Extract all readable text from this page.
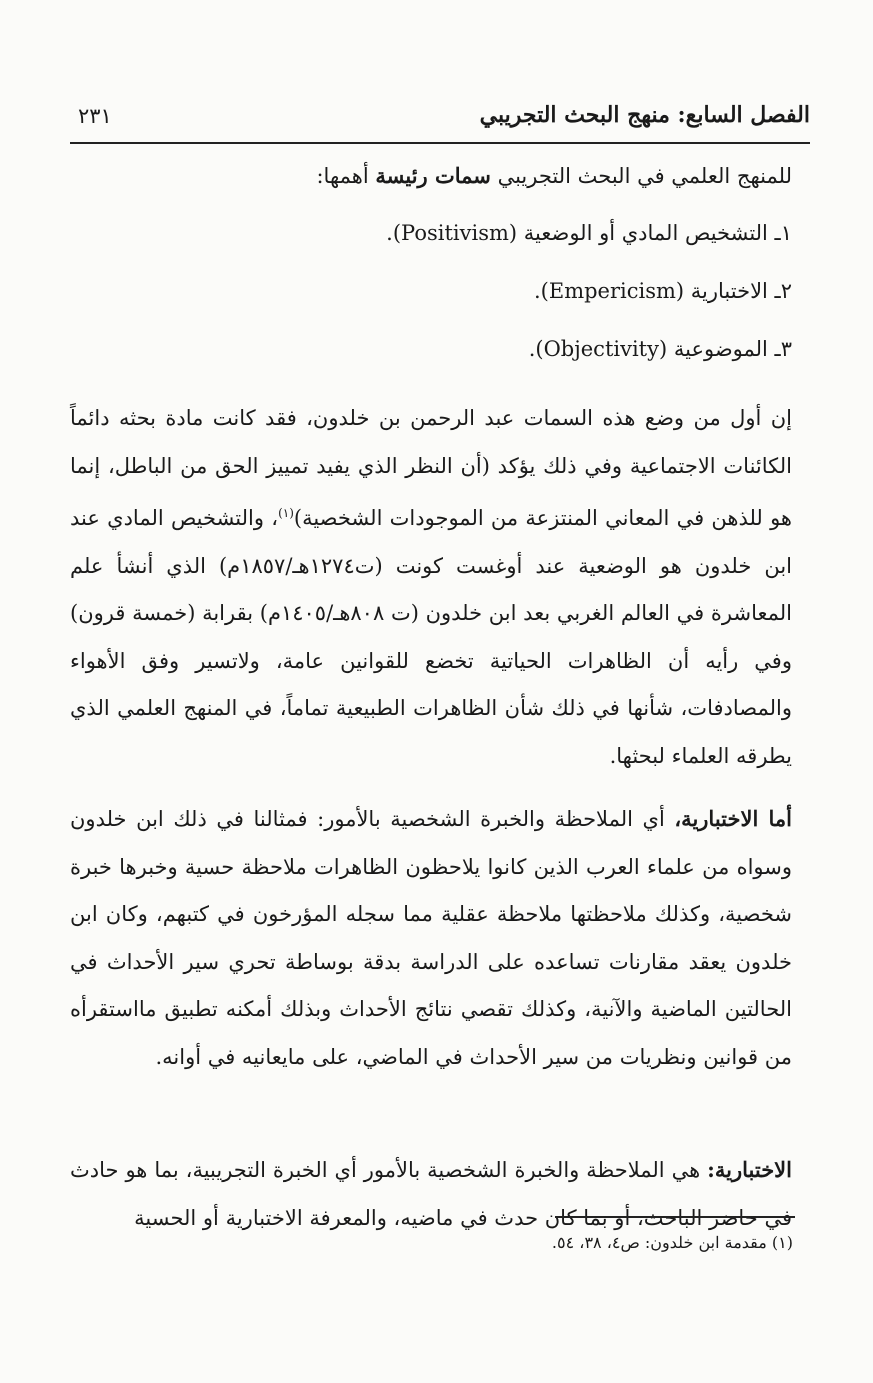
الفصل السابع: منهج البحث التجريبي
٢٣١

للمنهج العلمي في البحث التجريبي سمات رئيسة أهمها:

١ـ التشخيص المادي أو الوضعية (Positivism).
٢ـ الاختبارية (Empericism).
٣ـ الموضوعية (Objectivity).

إن أول من وضع هذه السمات عبد الرحمن بن خلدون، فقد كانت مادة بحثه دائماً الكائنات الاجتماعية وفي ذلك يؤكد (أن النظر الذي يفيد تمييز الحق من الباطل، إنما هو للذهن في المعاني المنتزعة من الموجودات الشخصية)$^{(١)}$، والتشخيص المادي عند ابن خلدون هو الوضعية عند أوغست كونت (ت١٢٧٤هـ/١٨٥٧م) الذي أنشأ علم المعاشرة في العالم الغربي بعد ابن خلدون (ت ٨٠٨هـ/١٤٠٥م) بقرابة (خمسة قرون) وفي رأيه أن الظاهرات الحياتية تخضع للقوانين عامة، ولاتسير وفق الأهواء والمصادفات، شأنها في ذلك شأن الظاهرات الطبيعية تماماً، في المنهج العلمي الذي يطرقه العلماء لبحثها.

أما الاختبارية، أي الملاحظة والخبرة الشخصية بالأمور: فمثالنا في ذلك ابن خلدون وسواه من علماء العرب الذين كانوا يلاحظون الظاهرات ملاحظة حسية وخبرها خبرة شخصية، وكذلك ملاحظتها ملاحظة عقلية مما سجله المؤرخون في كتبهم، وكان ابن خلدون يعقد مقارنات تساعده على الدراسة بدقة بوساطة تحري سير الأحداث في الحالتين الماضية والآنية، وكذلك تقصي نتائج الأحداث وبذلك أمكنه تطبيق مااستقرأه من قوانين ونظريات من سير الأحداث في الماضي، على مايعانيه في أوانه.

الاختبارية: هي الملاحظة والخبرة الشخصية بالأمور أي الخبرة التجريبية، بما هو حادث في حاضر الباحث، أو بما كان حدث في ماضيه، والمعرفة الاختبارية أو الحسية

(١) مقدمة ابن خلدون: ص٤، ٣٨، ٥٤.
